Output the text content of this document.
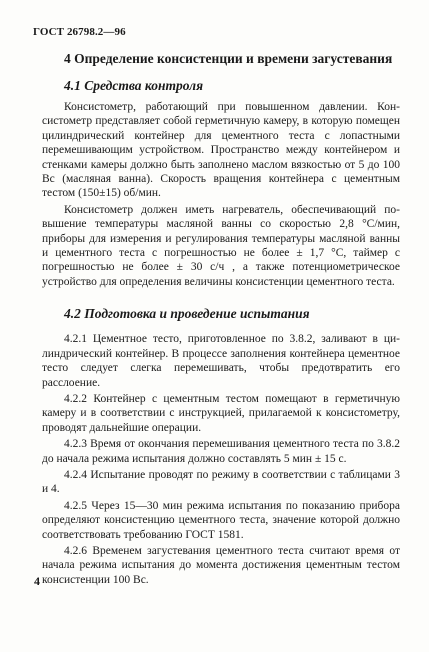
ГОСТ 26798.2—96
4 Определение консистенции и времени загустевания
4.1 Средства контроля

Консистометр, работающий при повышенном давлении. Консистометр представляет собой герметичную камеру, в которую помещен цилиндрический контейнер для цементного теста с лопастными перемешивающим устройством. Пространство между контейнером и стенками камеры должно быть заполнено маслом вязкостью от 5 до 100 Вс (масляная ванна). Скорость вращения контейнера с цементным тестом (150±15) об/мин.

Консистометр должен иметь нагреватель, обеспечивающий повышение температуры масляной ванны со скоростью 2,8 °С/мин, приборы для измерения и регулирования температуры масляной ванны и цементного теста с погрешностью не более ± 1,7 °С, таймер с погрешностью не более ± 30 с/ч , а также потенциометрическое устройство для определения величины консистенции цементного теста.

4.2 Подготовка и проведение испытания

4.2.1 Цементное тесто, приготовленное по 3.8.2, заливают в цилиндрический контейнер. В процессе заполнения контейнера цементное тесто следует слегка перемешивать, чтобы предотвратить его расслоение.

4.2.2 Контейнер с цементным тестом помещают в герметичную камеру и в соответствии с инструкцией, прилагаемой к консистометру, проводят дальнейшие операции.

4.2.3 Время от окончания перемешивания цементного теста по 3.8.2 до начала режима испытания должно составлять 5 мин ± 15 с.

4.2.4 Испытание проводят по режиму в соответствии с таблицами 3 и 4.

4.2.5 Через 15—30 мин режима испытания по показанию прибора определяют консистенцию цементного теста, значение которой должно соответствовать требованию ГОСТ 1581.

4.2.6 Временем загустевания цементного теста считают время от начала режима испытания до момента достижения цементным тестом консистенции 100 Вс.

4
